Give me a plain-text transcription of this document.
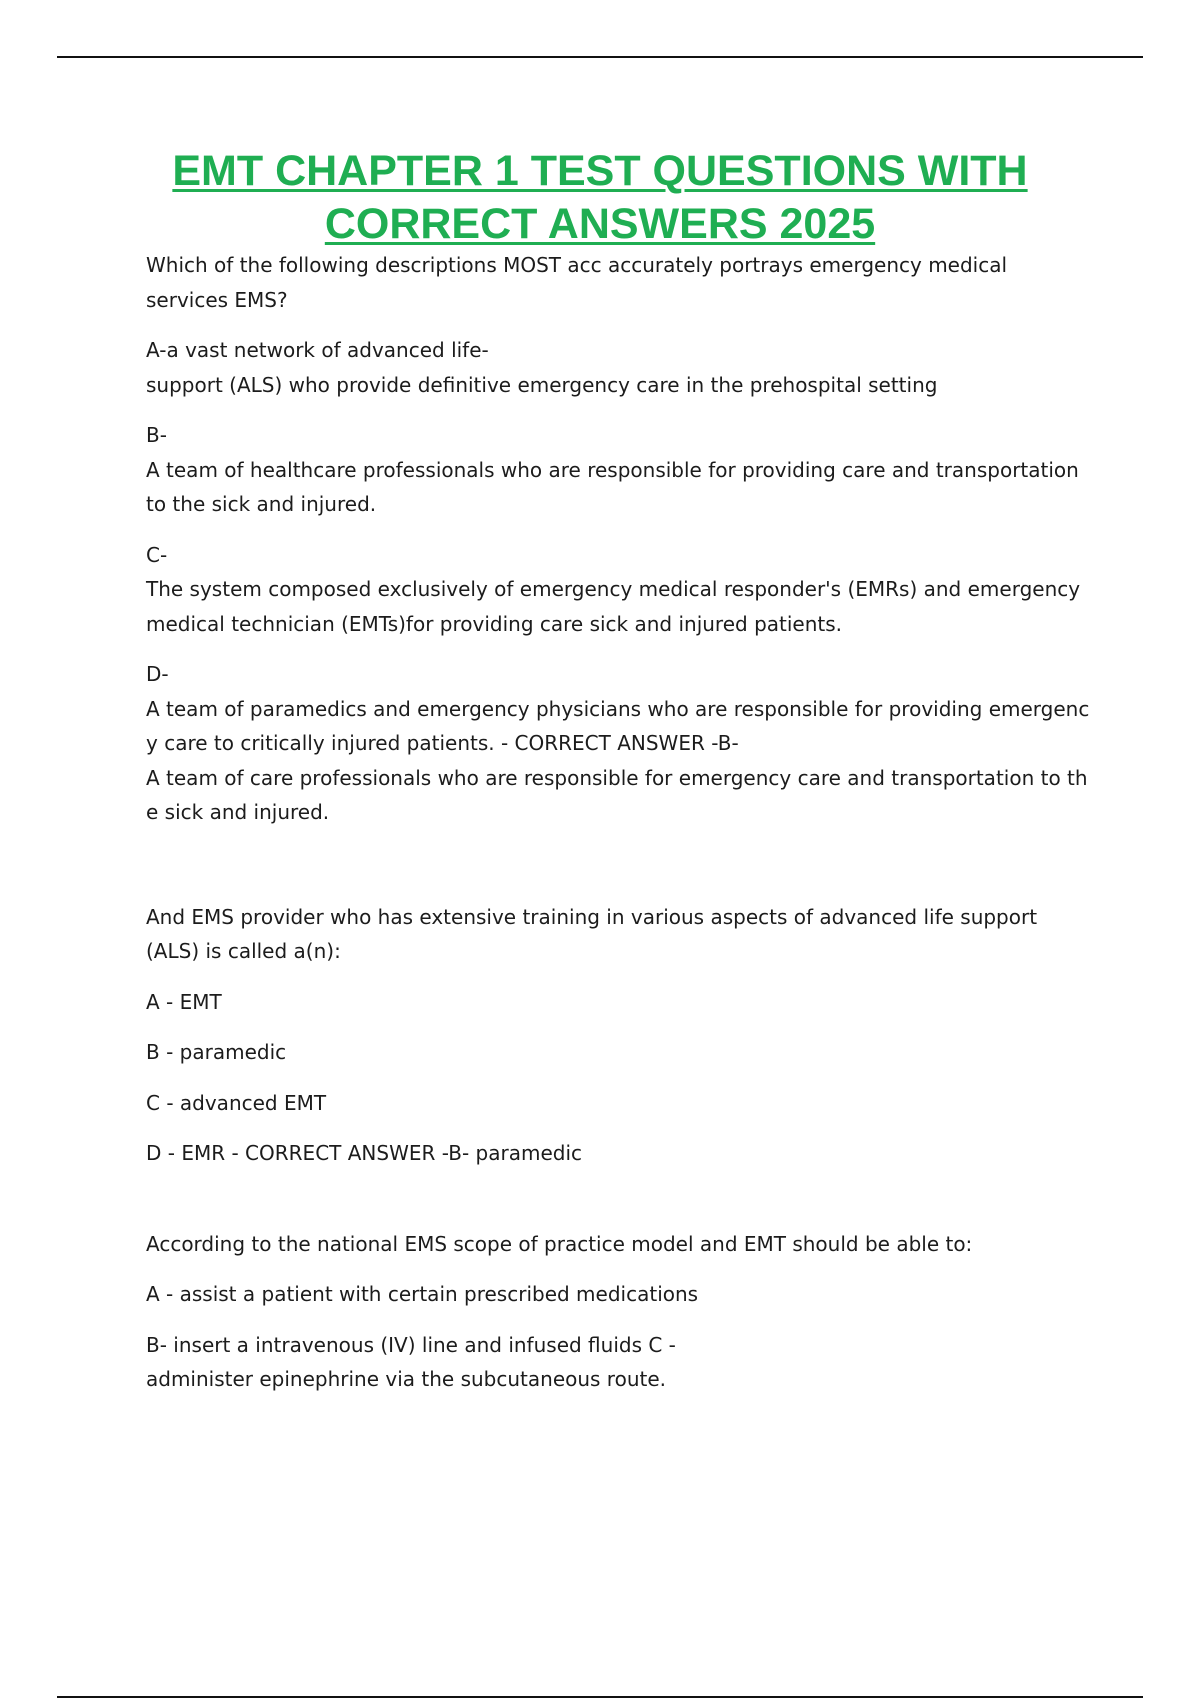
EMT CHAPTER 1 TEST QUESTIONS WITH
CORRECT ANSWERS 2025

Which of the following descriptions MOST acc accurately portrays emergency medical services EMS?

A-a vast network of advanced life-
support (ALS) who provide definitive emergency care in the prehospital setting

B-
A team of healthcare professionals who are responsible for providing care and transportation to the sick and injured.

C-
The system composed exclusively of emergency medical responder's (EMRs) and emergency medical technician (EMTs)for providing care sick and injured patients.

D-
A team of paramedics and emergency physicians who are responsible for providing emergenc y care to critically injured patients. - CORRECT ANSWER -B-
A team of care professionals who are responsible for emergency care and transportation to th e sick and injured.

And EMS provider who has extensive training in various aspects of advanced life support (ALS) is called a(n):

A - EMT

B - paramedic

C - advanced EMT

D - EMR - CORRECT ANSWER -B- paramedic

According to the national EMS scope of practice model and EMT should be able to:

A - assist a patient with certain prescribed medications

B- insert a intravenous (IV) line and infused fluids C -
administer epinephrine via the subcutaneous route.
